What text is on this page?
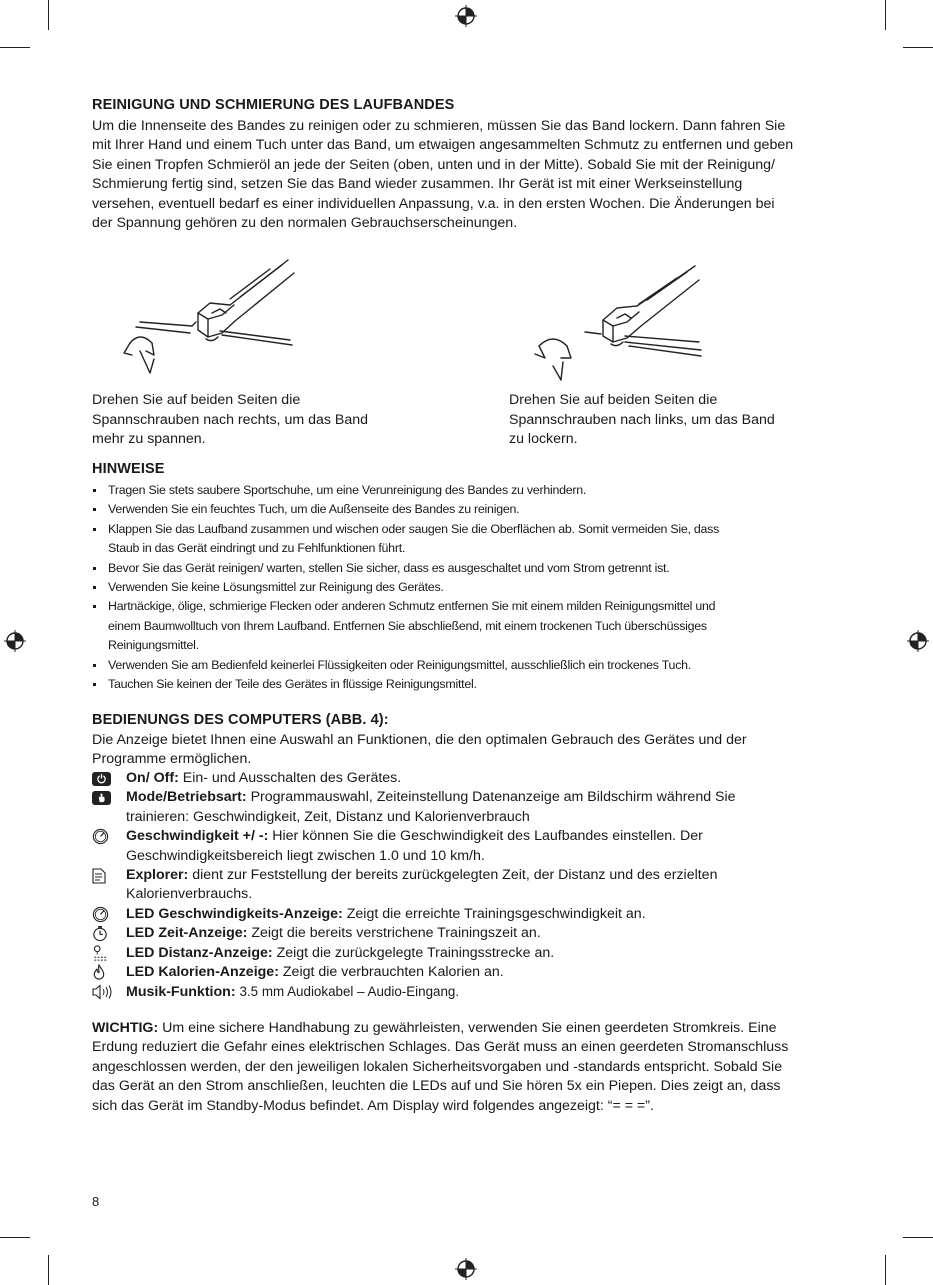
REINIGUNG UND SCHMIERUNG DES LAUFBANDES
Um die Innenseite des Bandes zu reinigen oder zu schmieren, müssen Sie das Band lockern. Dann fahren Sie
mit Ihrer Hand und einem Tuch unter das Band, um etwaigen angesammelten Schmutz zu entfernen und geben
Sie einen Tropfen Schmieröl an jede der Seiten (oben, unten und in der Mitte). Sobald Sie mit der Reinigung/
Schmierung fertig sind, setzen Sie das Band wieder zusammen. Ihr Gerät ist mit einer Werkseinstellung
versehen, eventuell bedarf es einer individuellen Anpassung, v.a. in den ersten Wochen. Die Änderungen bei
der Spannung gehören zu den normalen Gebrauchserscheinungen.
Drehen Sie auf beiden Seiten die
Spannschrauben nach rechts, um das Band
mehr zu spannen.
Drehen Sie auf beiden Seiten die
Spannschrauben nach links, um das Band
zu lockern.
HINWEISE
Tragen Sie stets saubere Sportschuhe, um eine Verunreinigung des Bandes zu verhindern.
Verwenden Sie ein feuchtes Tuch, um die Außenseite des Bandes zu reinigen.
Klappen Sie das Laufband zusammen und wischen oder saugen Sie die Oberflächen ab. Somit vermeiden Sie, dass
Staub in das Gerät eindringt und zu Fehlfunktionen führt.
Bevor Sie das Gerät reinigen/ warten, stellen Sie sicher, dass es ausgeschaltet und vom Strom getrennt ist.
Verwenden Sie keine Lösungsmittel zur Reinigung des Gerätes.
Hartnäckige, ölige, schmierige Flecken oder anderen Schmutz entfernen Sie mit einem milden Reinigungsmittel und
einem Baumwolltuch von Ihrem Laufband. Entfernen Sie abschließend, mit einem trockenen Tuch überschüssiges
Reinigungsmittel.
Verwenden Sie am Bedienfeld keinerlei Flüssigkeiten oder Reinigungsmittel, ausschließlich ein trockenes Tuch.
Tauchen Sie keinen der Teile des Gerätes in flüssige Reinigungsmittel.
BEDIENUNGS DES COMPUTERS (ABB. 4):
Die Anzeige bietet Ihnen eine Auswahl an Funktionen, die den optimalen Gebrauch des Gerätes und der
Programme ermöglichen.
On/ Off: Ein- und Ausschalten des Gerätes.
Mode/Betriebsart: Programmauswahl, Zeiteinstellung Datenanzeige am Bildschirm während Sie
trainieren: Geschwindigkeit, Zeit, Distanz und Kalorienverbrauch
Geschwindigkeit +/ -: Hier können Sie die Geschwindigkeit des Laufbandes einstellen. Der
Geschwindigkeitsbereich liegt zwischen 1.0 und 10 km/h.
Explorer: dient zur Feststellung der bereits zurückgelegten Zeit, der Distanz und des erzielten
Kalorienverbrauchs.
LED Geschwindigkeits-Anzeige: Zeigt die erreichte Trainingsgeschwindigkeit an.
LED Zeit-Anzeige: Zeigt die bereits verstrichene Trainingszeit an.
LED Distanz-Anzeige: Zeigt die zurückgelegte Trainingsstrecke an.
LED Kalorien-Anzeige: Zeigt die verbrauchten Kalorien an.
Musik-Funktion: 3.5 mm Audiokabel – Audio-Eingang.
WICHTIG: Um eine sichere Handhabung zu gewährleisten, verwenden Sie einen geerdeten Stromkreis. Eine
Erdung reduziert die Gefahr eines elektrischen Schlages. Das Gerät muss an einen geerdeten Stromanschluss
angeschlossen werden, der den jeweiligen lokalen Sicherheitsvorgaben und -standards entspricht. Sobald Sie
das Gerät an den Strom anschließen, leuchten die LEDs auf und Sie hören 5x ein Piepen. Dies zeigt an, dass
sich das Gerät im Standby-Modus befindet. Am Display wird folgendes angezeigt: “= = =”.
8
